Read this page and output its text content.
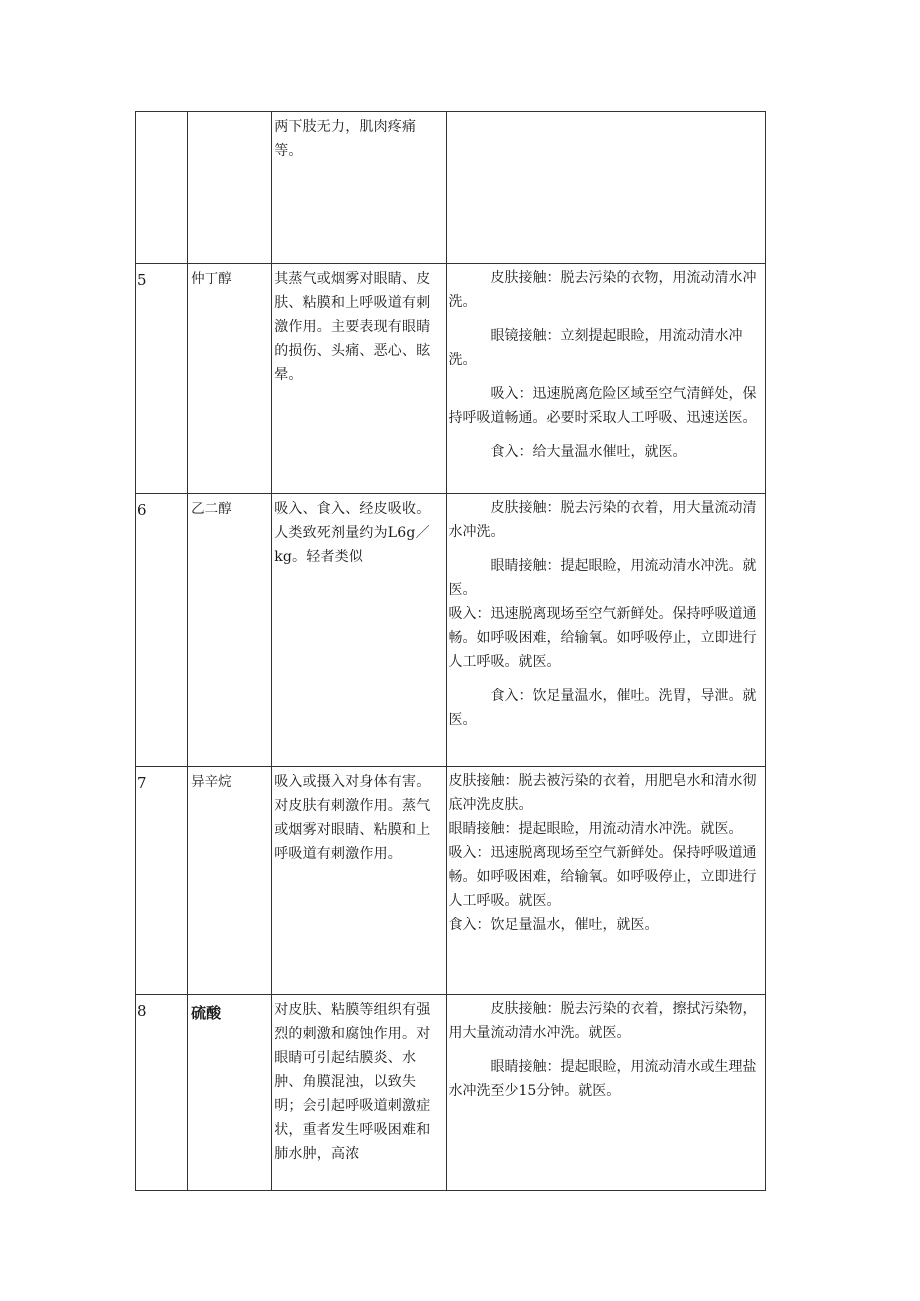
		两下肢无力，肌肉疼痛等。	

5	仲丁醇	其蒸气或烟雾对眼睛、皮肤、粘膜和上呼吸道有刺激作用。主要表现有眼睛的损伤、头痛、恶心、眩晕。	皮肤接触：脱去污染的衣物，用流动清水冲洗。

眼镜接触：立刻提起眼睑，用流动清水冲洗。

吸入：迅速脱离危险区域至空气清鲜处，保持呼吸道畅通。必要时采取人工呼吸、迅速送医。

食入：给大量温水催吐，就医。

6	乙二醇	吸入、食入、经皮吸收。人类致死剂量约为L6g／kg。轻者类似	皮肤接触：脱去污染的衣着，用大量流动清水冲洗。

眼睛接触：提起眼睑，用流动清水冲洗。就医。

吸入：迅速脱离现场至空气新鲜处。保持呼吸道通畅。如呼吸困难，给输氧。如呼吸停止，立即进行人工呼吸。就医。

食入：饮足量温水，催吐。洗胃，导泄。就医。

7	异辛烷	吸入或摄入对身体有害。对皮肤有刺激作用。蒸气或烟雾对眼睛、粘膜和上呼吸道有刺激作用。	皮肤接触：脱去被污染的衣着，用肥皂水和清水彻底冲洗皮肤。

眼睛接触：提起眼睑，用流动清水冲洗。就医。

吸入：迅速脱离现场至空气新鲜处。保持呼吸道通畅。如呼吸困难，给输氧。如呼吸停止，立即进行人工呼吸。就医。

食入：饮足量温水，催吐，就医。

8	硫酸	对皮肤、粘膜等组织有强烈的刺激和腐蚀作用。对眼睛可引起结膜炎、水肿、角膜混浊，以致失明；会引起呼吸道刺激症状，重者发生呼吸困难和肺水肿，高浓	皮肤接触：脱去污染的衣着，擦拭污染物，用大量流动清水冲洗。就医。

眼睛接触：提起眼睑，用流动清水或生理盐水冲洗至少15分钟。就医。
